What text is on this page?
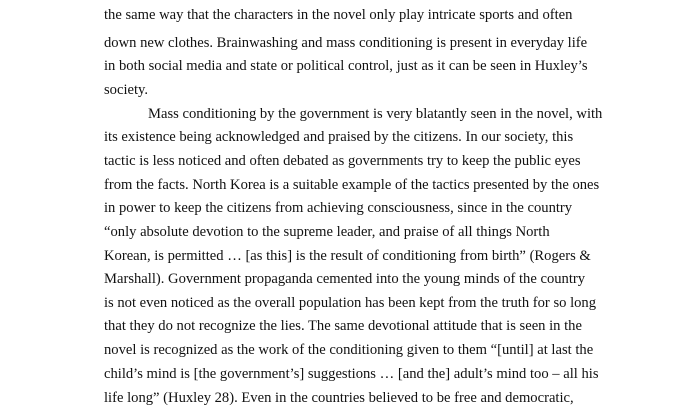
the same way that the characters in the novel only play intricate sports and often
down new clothes. Brainwashing and mass conditioning is present in everyday life
in both social media and state or political control, just as it can be seen in Huxley’s
society.
Mass conditioning by the government is very blatantly seen in the novel, with
its existence being acknowledged and praised by the citizens. In our society, this
tactic is less noticed and often debated as governments try to keep the public eyes
from the facts. North Korea is a suitable example of the tactics presented by the ones
in power to keep the citizens from achieving consciousness, since in the country
“only absolute devotion to the supreme leader, and praise of all things North
Korean, is permitted … [as this] is the result of conditioning from birth” (Rogers &
Marshall). Government propaganda cemented into the young minds of the country
is not even noticed as the overall population has been kept from the truth for so long
that they do not recognize the lies. The same devotional attitude that is seen in the
novel is recognized as the work of the conditioning given to them “[until] at last the
child’s mind is [the government’s] suggestions … [and the] adult’s mind too – all his
life long” (Huxley 28). Even in the countries believed to be free and democratic,
